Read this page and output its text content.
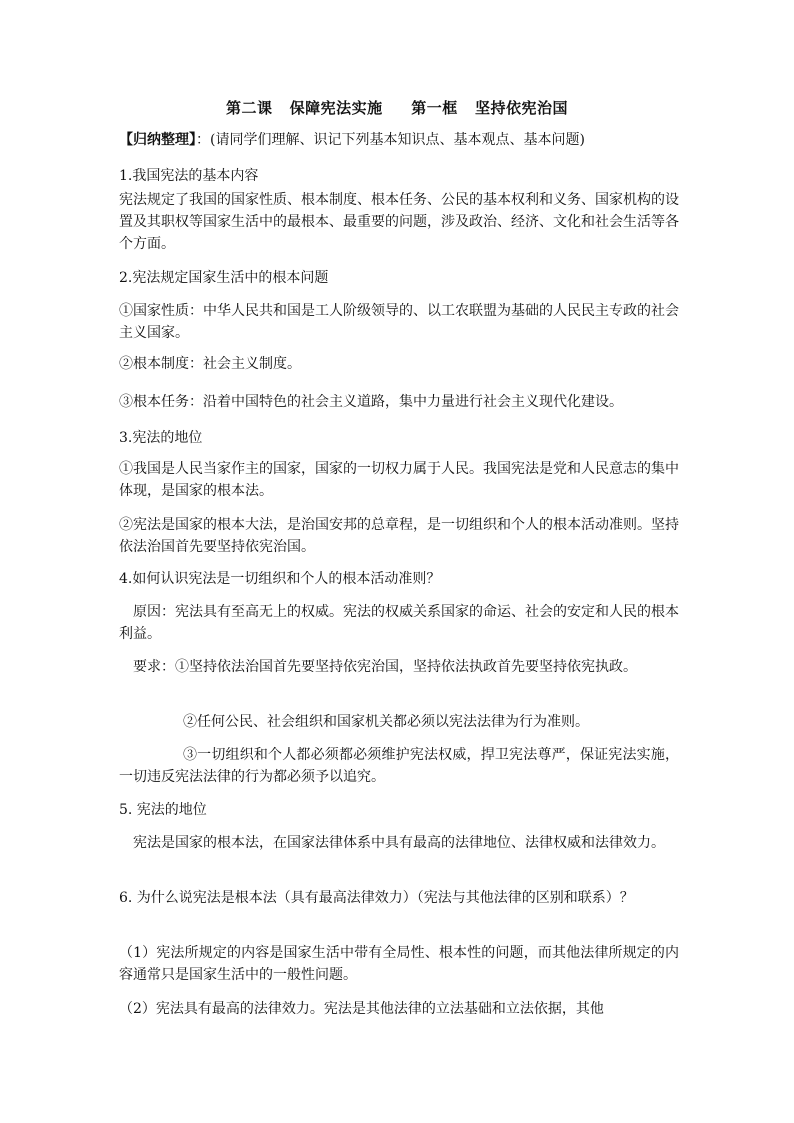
第二课   保障宪法实施     第一框   坚持依宪治国
【归纳整理】：(请同学们理解、识记下列基本知识点、基本观点、基本问题)
1.我国宪法的基本内容
宪法规定了我国的国家性质、根本制度、根本任务、公民的基本权利和义务、国家机构的设置及其职权等国家生活中的最根本、最重要的问题，涉及政治、经济、文化和社会生活等各个方面。
2.宪法规定国家生活中的根本问题
①国家性质：中华人民共和国是工人阶级领导的、以工农联盟为基础的人民民主专政的社会主义国家。
②根本制度：社会主义制度。
③根本任务：沿着中国特色的社会主义道路，集中力量进行社会主义现代化建设。
3.宪法的地位
①我国是人民当家作主的国家，国家的一切权力属于人民。我国宪法是党和人民意志的集中体现，是国家的根本法。
②宪法是国家的根本大法，是治国安邦的总章程，是一切组织和个人的根本活动准则。坚持依法治国首先要坚持依宪治国。
4.如何认识宪法是一切组织和个人的根本活动准则？
原因：宪法具有至高无上的权威。宪法的权威关系国家的命运、社会的安定和人民的根本利益。
要求：①坚持依法治国首先要坚持依宪治国，坚持依法执政首先要坚持依宪执政。
②任何公民、社会组织和国家机关都必须以宪法法律为行为准则。
③一切组织和个人都必须都必须维护宪法权威，捍卫宪法尊严，保证宪法实施，一切违反宪法法律的行为都必须予以追究。
5. 宪法的地位
宪法是国家的根本法，在国家法律体系中具有最高的法律地位、法律权威和法律效力。
6. 为什么说宪法是根本法（具有最高法律效力）（宪法与其他法律的区别和联系）？
（1）宪法所规定的内容是国家生活中带有全局性、根本性的问题，而其他法律所规定的内容通常只是国家生活中的一般性问题。
（2）宪法具有最高的法律效力。宪法是其他法律的立法基础和立法依据，其他
